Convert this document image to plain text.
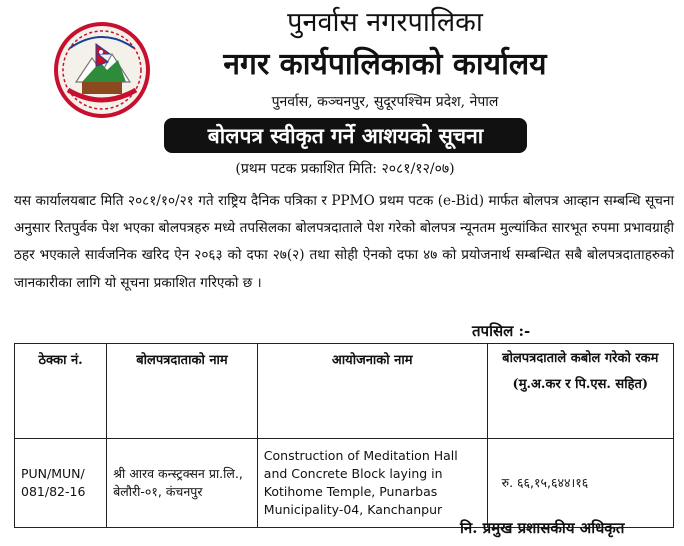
पुनर्वास नगरपालिका
नगर कार्यपालिकाको कार्यालय
पुनर्वास, कञ्चनपुर, सुदूरपश्चिम प्रदेश, नेपाल
बोलपत्र स्वीकृत गर्ने आशयको सूचना
(प्रथम पटक प्रकाशित मिति: २०८१/१२/०७)

यस कार्यालयबाट मिति २०८१/१०/२१ गते राष्ट्रिय दैनिक पत्रिका र PPMO प्रथम पटक (e-Bid) मार्फत बोलपत्र आव्हान सम्बन्धि सूचना अनुसार रितपुर्वक पेश भएका बोलपत्रहरु मध्ये तपसिलका बोलपत्रदाताले पेश गरेको बोलपत्र न्यूनतम मुल्यांकित सारभूत रुपमा प्रभावग्राही ठहर भएकाले सार्वजनिक खरिद ऐन २०६३ को दफा २७(२) तथा सोही ऐनको दफा ४७ को प्रयोजनार्थ सम्बन्धित सबै बोलपत्रदाताहरुको जानकारीका लागि यो सूचना प्रकाशित गरिएको छ ।

तपसिल :-
ठेक्का नं.	बोलपत्रदाताको नाम	आयोजनाको नाम	बोलपत्रदाताले कबोल गरेको रकम (मु.अ.कर र पि.एस. सहित)
PUN/MUN/ 081/82-16	श्री आरव कन्स्ट्रक्सन प्रा.लि., बेलौरी-०१, कंचनपुर	Construction of Meditation Hall and Concrete Block laying in Kotihome Temple, Punarbas Municipality-04, Kanchanpur	रु. ६६,१५,६४४।१६
नि. प्रमुख प्रशासकीय अधिकृत
